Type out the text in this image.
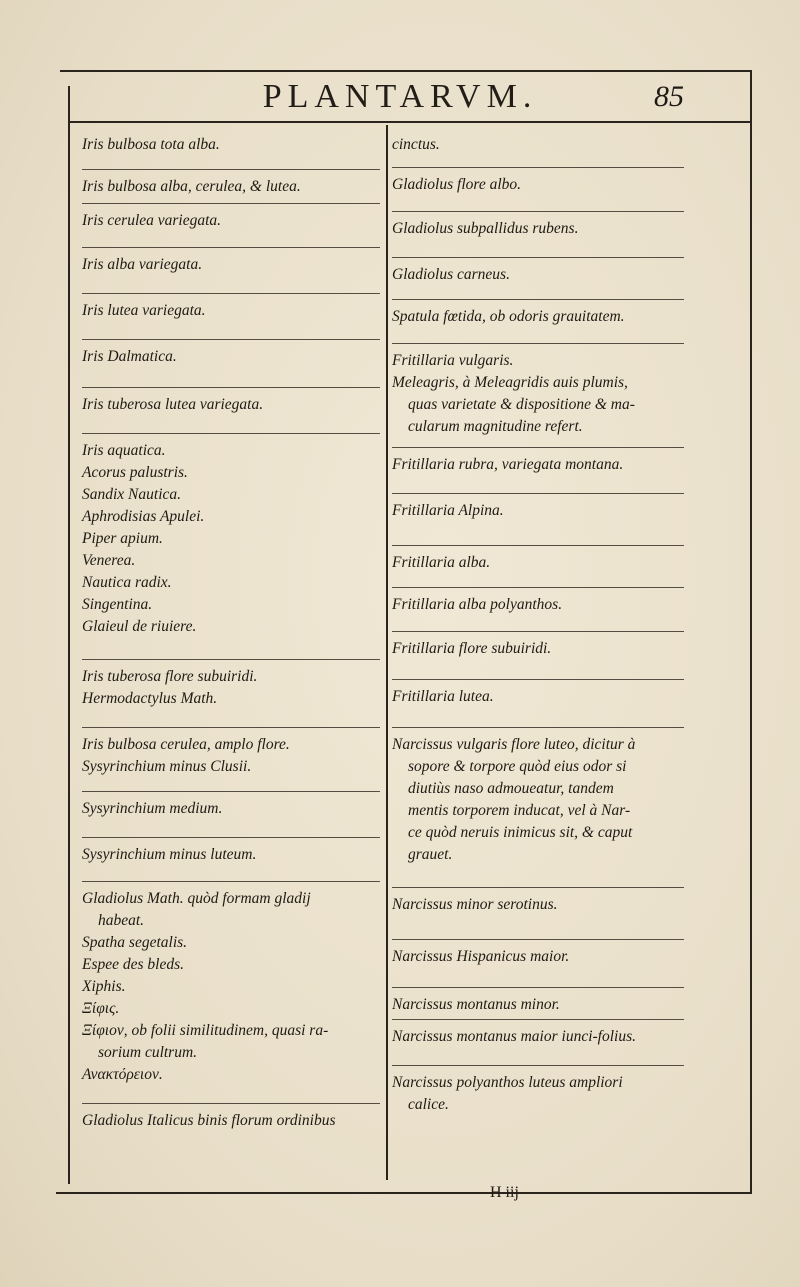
PLANTARVM.	85
Iris bulbosa tota alba.
Iris bulbosa alba, cerulea, & lutea.
Iris cerulea variegata.
Iris alba variegata.
Iris lutea variegata.
Iris Dalmatica.
Iris tuberosa lutea variegata.
Iris aquatica.
Acorus palustris.
Sandix Nautica.
Aphrodisias Apulei.
Piper apium.
Venerea.
Nautica radix.
Singentina.
Glaieul de riuiere.
Iris tuberosa flore subuiridi.
Hermodactylus Math.
Iris bulbosa cerulea, amplo flore.
Sysyrinchium minus Clusii.
Sysyrinchium medium.
Sysyrinchium minus luteum.
Gladiolus Math. quòd formam gladij
habeat.
Spatha segetalis.
Espee des bleds.
Xiphis.
Ξίφις.
Ξίφιον, ob folii similitudinem, quasi ra-
sorium cultrum.
Ανακτόρειον.
Gladiolus Italicus binis florum ordinibus
cinctus.
Gladiolus flore albo.
Gladiolus subpallidus rubens.
Gladiolus carneus.
Spatula fœtida, ob odoris grauitatem.
Fritillaria vulgaris.
Meleagris, à Meleagridis auis plumis,
quas varietate & dispositione & ma-
cularum magnitudine refert.
Fritillaria rubra, variegata montana.
Fritillaria Alpina.
Fritillaria alba.
Fritillaria alba polyanthos.
Fritillaria flore subuiridi.
Fritillaria lutea.
Narcissus vulgaris flore luteo, dicitur à
sopore & torpore quòd eius odor si
diutiùs naso admoueatur, tandem
mentis torporem inducat, vel à Nar-
ce quòd neruis inimicus sit, & caput
grauet.
Narcissus minor serotinus.
Narcissus Hispanicus maior.
Narcissus montanus minor.
Narcissus montanus maior iunci-folius.
Narcissus polyanthos luteus ampliori
calice.
H iij
